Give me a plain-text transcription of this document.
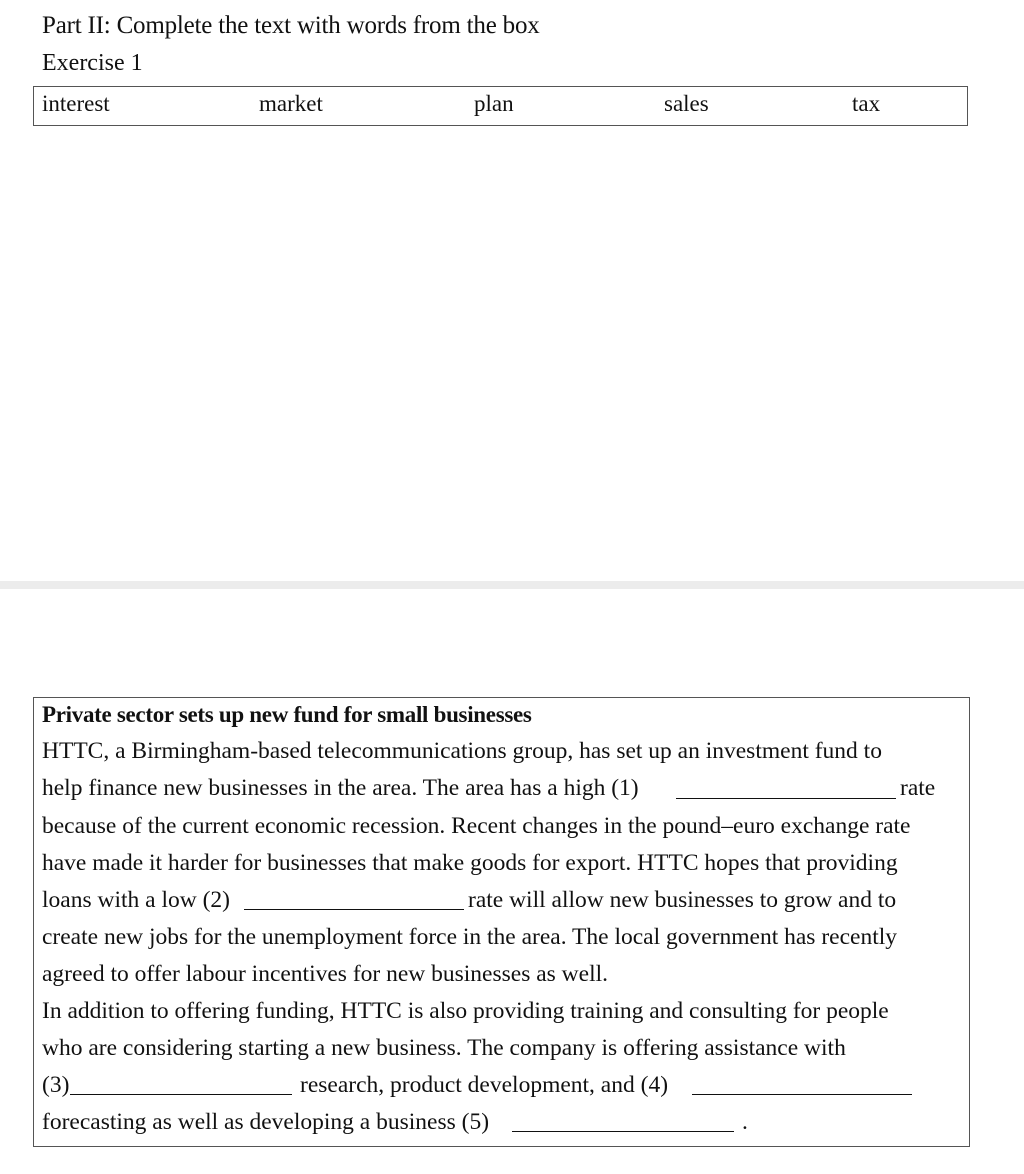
Part II: Complete the text with words from the box
Exercise 1
interest	market	plan	sales	tax
Private sector sets up new fund for small businesses
HTTC, a Birmingham-based telecommunications group, has set up an investment fund to
help finance new businesses in the area. The area has a high (1)	rate
because of the current economic recession. Recent changes in the pound–euro exchange rate
have made it harder for businesses that make goods for export. HTTC hopes that providing
loans with a low (2)	rate will allow new businesses to grow and to
create new jobs for the unemployment force in the area. The local government has recently
agreed to offer labour incentives for new businesses as well.
In addition to offering funding, HTTC is also providing training and consulting for people
who are considering starting a new business. The company is offering assistance with
(3)	research, product development, and (4)
forecasting as well as developing a business (5)	.
